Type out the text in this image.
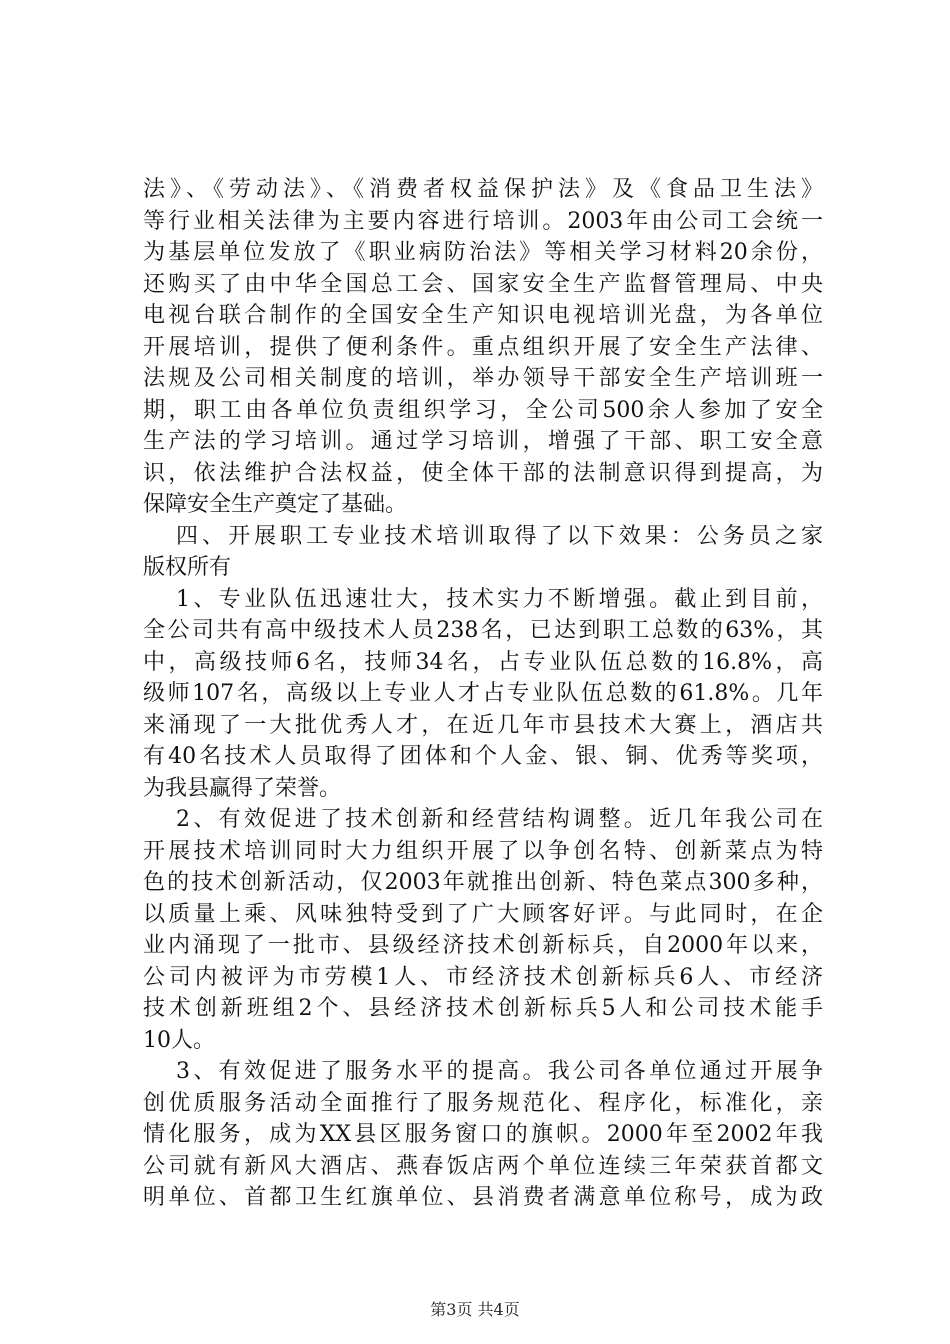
法》、《劳动法》、《消费者权益保护法》及《食品卫生法》
等行业相关法律为主要内容进行培训。2003年由公司工会统一
为基层单位发放了《职业病防治法》等相关学习材料20余份，
还购买了由中华全国总工会、国家安全生产监督管理局、中央
电视台联合制作的全国安全生产知识电视培训光盘，为各单位
开展培训，提供了便利条件。重点组织开展了安全生产法律、
法规及公司相关制度的培训，举办领导干部安全生产培训班一
期，职工由各单位负责组织学习，全公司500余人参加了安全
生产法的学习培训。通过学习培训，增强了干部、职工安全意
识，依法维护合法权益，使全体干部的法制意识得到提高，为
保障安全生产奠定了基础。
四、开展职工专业技术培训取得了以下效果：公务员之家
版权所有
1、专业队伍迅速壮大，技术实力不断增强。截止到目前，
全公司共有高中级技术人员238名，已达到职工总数的63%，其
中，高级技师6名，技师34名，占专业队伍总数的16.8%，高
级师107名，高级以上专业人才占专业队伍总数的61.8%。几年
来涌现了一大批优秀人才，在近几年市县技术大赛上，酒店共
有40名技术人员取得了团体和个人金、银、铜、优秀等奖项，
为我县赢得了荣誉。
2、有效促进了技术创新和经营结构调整。近几年我公司在
开展技术培训同时大力组织开展了以争创名特、创新菜点为特
色的技术创新活动，仅2003年就推出创新、特色菜点300多种，
以质量上乘、风味独特受到了广大顾客好评。与此同时，在企
业内涌现了一批市、县级经济技术创新标兵，自2000年以来，
公司内被评为市劳模1人、市经济技术创新标兵6人、市经济
技术创新班组2个、县经济技术创新标兵5人和公司技术能手
10人。
3、有效促进了服务水平的提高。我公司各单位通过开展争
创优质服务活动全面推行了服务规范化、程序化，标准化，亲
情化服务，成为XX县区服务窗口的旗帜。2000年至2002年我
公司就有新风大酒店、燕春饭店两个单位连续三年荣获首都文
明单位、首都卫生红旗单位、县消费者满意单位称号，成为政
第3页 共4页
